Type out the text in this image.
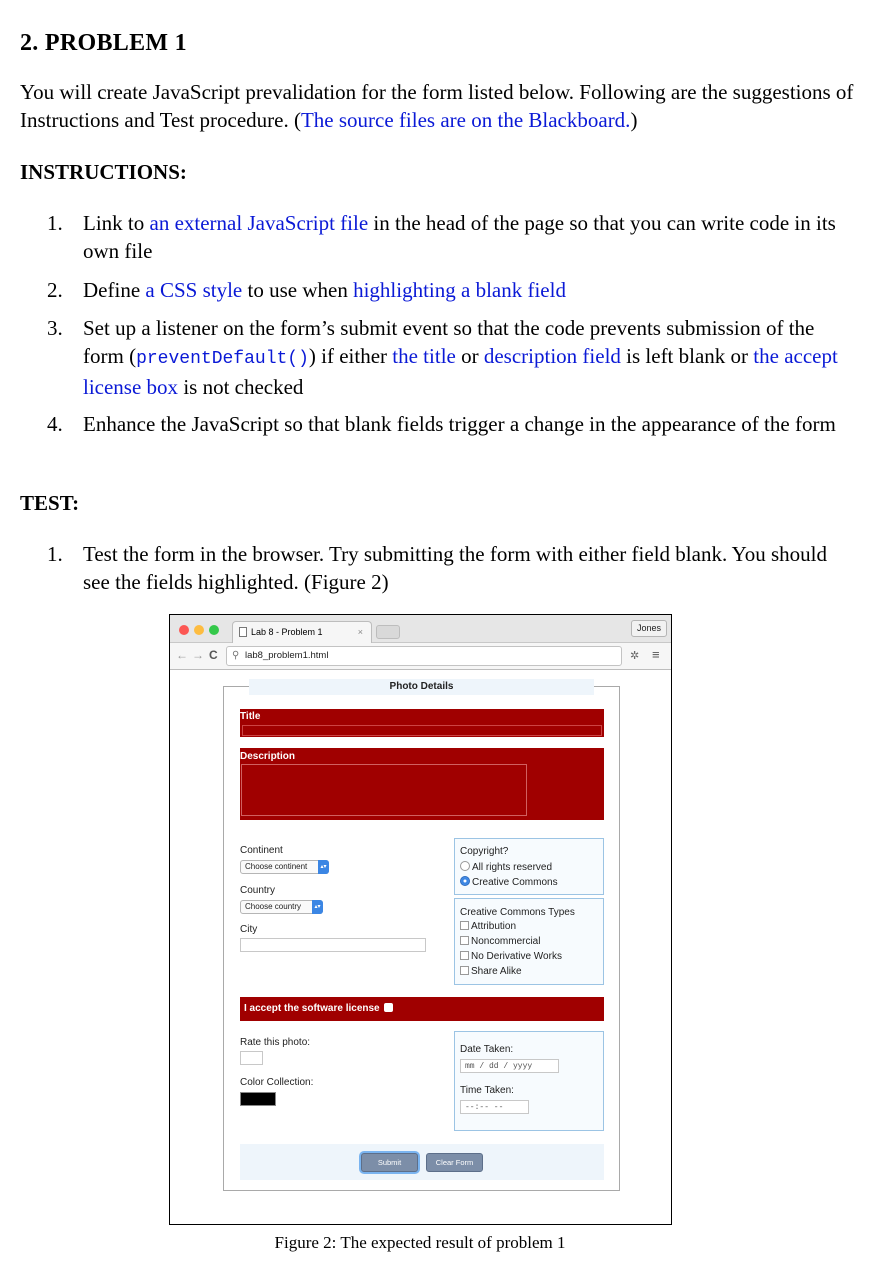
2. PROBLEM 1

You will create JavaScript prevalidation for the form listed below. Following are the suggestions of Instructions and Test procedure. (The source files are on the Blackboard.)

INSTRUCTIONS:
1. Link to an external JavaScript file in the head of the page so that you can write code in its own file
2. Define a CSS style to use when highlighting a blank field
3. Set up a listener on the form’s submit event so that the code prevents submission of the form (preventDefault()) if either the title or description field is left blank or the accept license box is not checked
4. Enhance the JavaScript so that blank fields trigger a change in the appearance of the form
TEST:
1. Test the form in the browser. Try submitting the form with either field blank. You should see the fields highlighted. (Figure 2)
Lab 8 - Problem 1	×	Jones
← → C ⚲ lab8_problem1.html	✲ ≡
Photo Details
Title
Description
Continent
Choose continent	▴▾
Country
Choose country	▴▾
City
Copyright?
All rights reserved
Creative Commons
Creative Commons Types
Attribution
Noncommercial
No Derivative Works
Share Alike
I accept the software license
Rate this photo:
Color Collection:
Date Taken:
mm / dd / yyyy
Time Taken:
--:-- --
Submit	Clear Form
Figure 2: The expected result of problem 1
